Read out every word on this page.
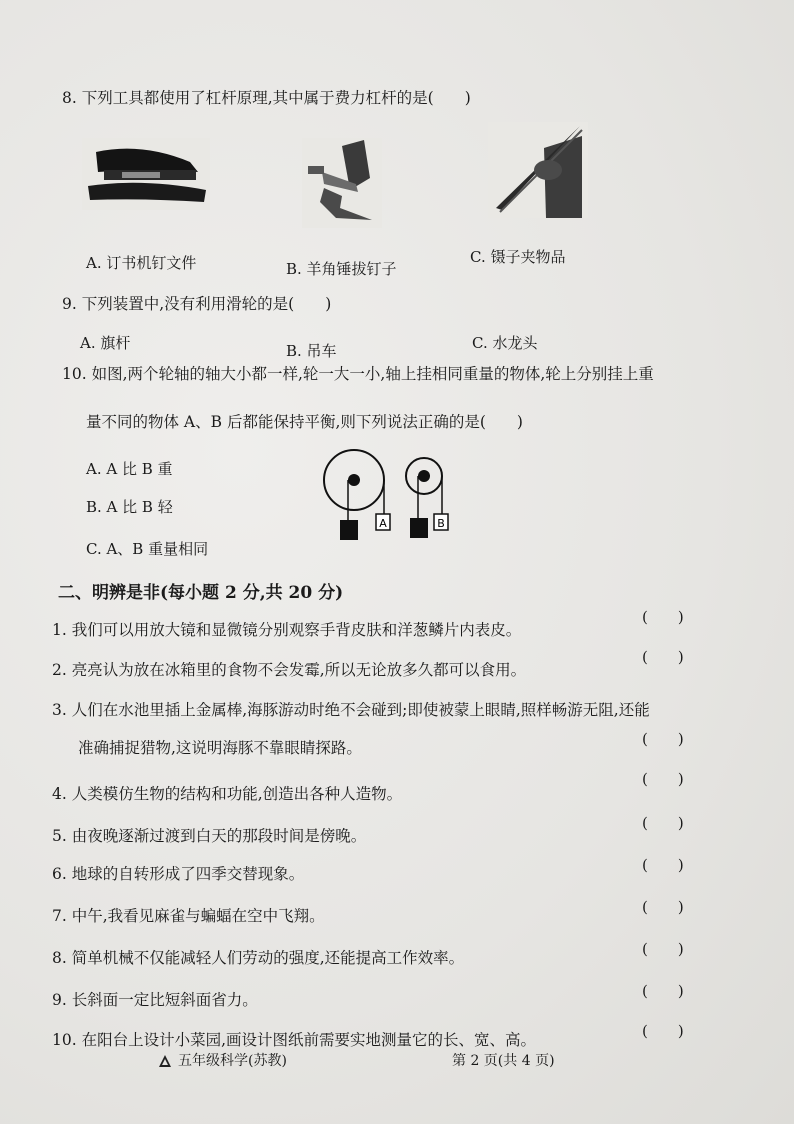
8. 下列工具都使用了杠杆原理,其中属于费力杠杆的是(　　)
A. 订书机钉文件	B. 羊角锤拔钉子
C. 镊子夹物品
9. 下列装置中,没有利用滑轮的是(　　)
A. 旗杆	B. 吊车	C. 水龙头
10. 如图,两个轮轴的轴大小都一样,轮一大一小,轴上挂相同重量的物体,轮上分别挂上重
量不同的物体 A、B 后都能保持平衡,则下列说法正确的是(　　)
A. A 比 B 重
B. A 比 B 轻
C. A、B 重量相同
A	B
二、明辨是非(每小题 2 分,共 20 分)
1. 我们可以用放大镜和显微镜分别观察手背皮肤和洋葱鳞片内表皮。
(　　)
2. 亮亮认为放在冰箱里的食物不会发霉,所以无论放多久都可以食用。
(　　)
3. 人们在水池里插上金属棒,海豚游动时绝不会碰到;即使被蒙上眼睛,照样畅游无阻,还能
准确捕捉猎物,这说明海豚不靠眼睛探路。	(　　)
4. 人类模仿生物的结构和功能,创造出各种人造物。
(　　)
5. 由夜晚逐渐过渡到白天的那段时间是傍晚。
(　　)
6. 地球的自转形成了四季交替现象。	(　　)
7. 中午,我看见麻雀与蝙蝠在空中飞翔。	(　　)
8. 简单机械不仅能减轻人们劳动的强度,还能提高工作效率。	(　　)
9. 长斜面一定比短斜面省力。	(　　)
10. 在阳台上设计小菜园,画设计图纸前需要实地测量它的长、宽、高。	(　　)
五年级科学(苏教)	第 2 页(共 4 页)
